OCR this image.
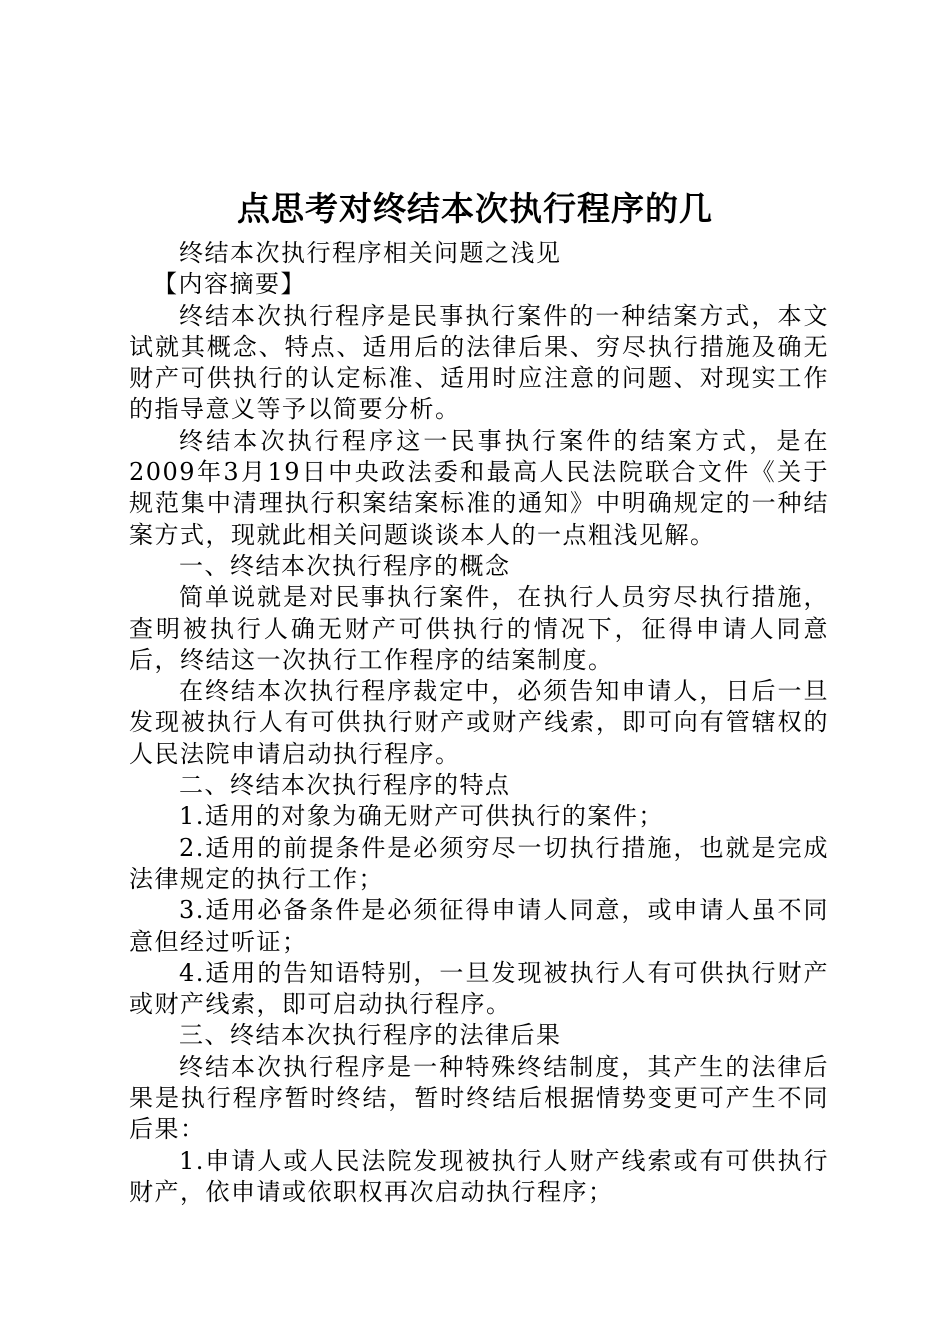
点思考对终结本次执行程序的几

终结本次执行程序相关问题之浅见

【内容摘要】

终结本次执行程序是民事执行案件的一种结案方式，本文试就其概念、特点、适用后的法律后果、穷尽执行措施及确无财产可供执行的认定标准、适用时应注意的问题、对现实工作的指导意义等予以简要分析。

终结本次执行程序这一民事执行案件的结案方式，是在2009年3月19日中央政法委和最高人民法院联合文件《关于规范集中清理执行积案结案标准的通知》中明确规定的一种结案方式，现就此相关问题谈谈本人的一点粗浅见解。

一、终结本次执行程序的概念

简单说就是对民事执行案件，在执行人员穷尽执行措施，查明被执行人确无财产可供执行的情况下，征得申请人同意后，终结这一次执行工作程序的结案制度。

在终结本次执行程序裁定中，必须告知申请人，日后一旦发现被执行人有可供执行财产或财产线索，即可向有管辖权的人民法院申请启动执行程序。

二、终结本次执行程序的特点

1.适用的对象为确无财产可供执行的案件；

2.适用的前提条件是必须穷尽一切执行措施，也就是完成法律规定的执行工作；

3.适用必备条件是必须征得申请人同意，或申请人虽不同意但经过听证；

4.适用的告知语特别，一旦发现被执行人有可供执行财产或财产线索，即可启动执行程序。

三、终结本次执行程序的法律后果

终结本次执行程序是一种特殊终结制度，其产生的法律后果是执行程序暂时终结，暂时终结后根据情势变更可产生不同后果：

1.申请人或人民法院发现被执行人财产线索或有可供执行财产，依申请或依职权再次启动执行程序；
